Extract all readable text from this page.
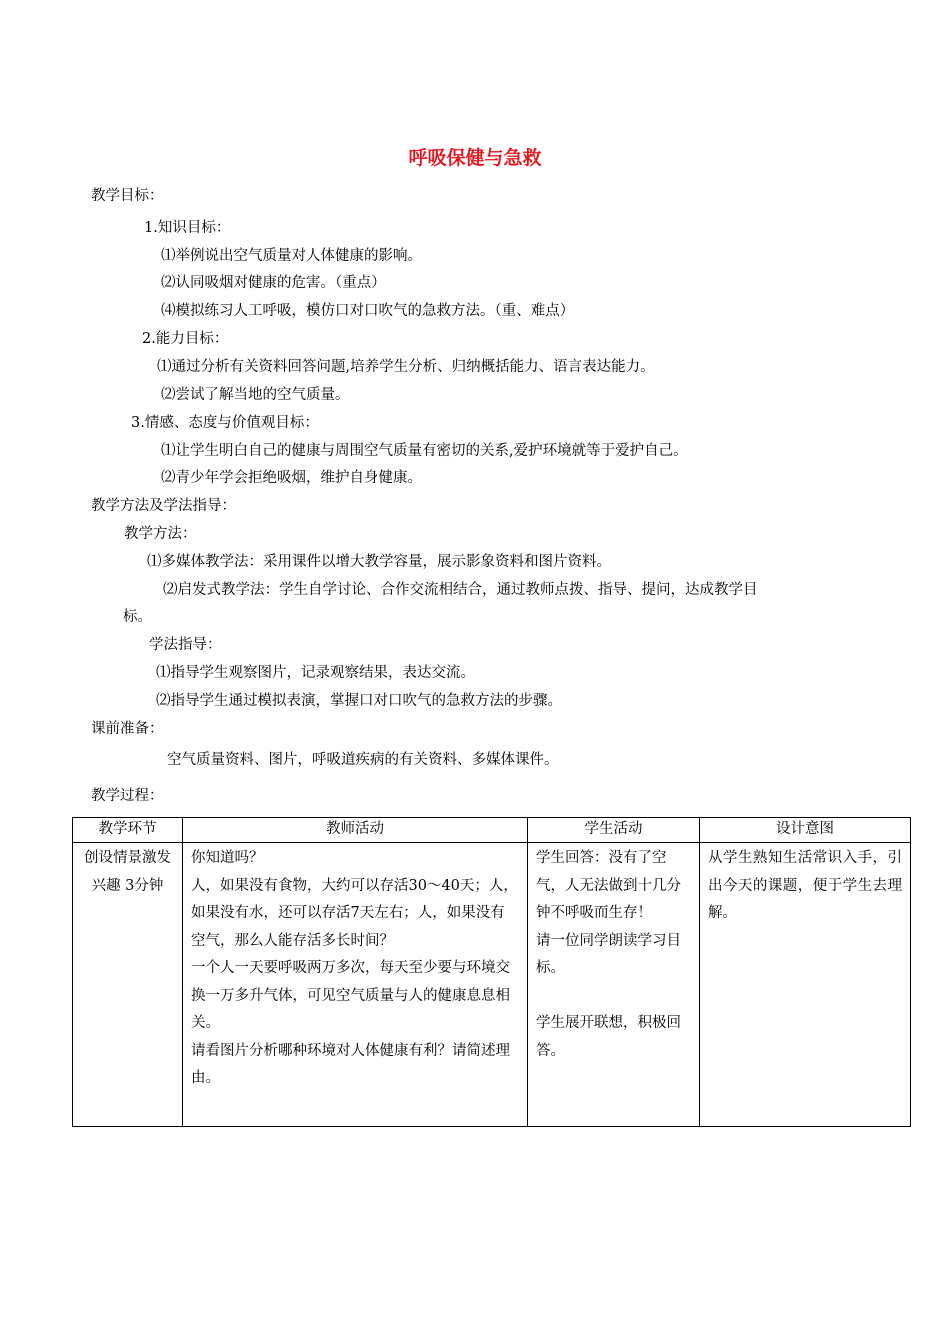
呼吸保健与急救
教学目标：
1.知识目标：
⑴举例说出空气质量对人体健康的影响。
⑵认同吸烟对健康的危害。（重点）
⑷模拟练习人工呼吸，模仿口对口吹气的急救方法。（重、难点）
2.能力目标：
⑴通过分析有关资料回答问题,培养学生分析、归纳概括能力、语言表达能力。
⑵尝试了解当地的空气质量。
3.情感、态度与价值观目标：
⑴让学生明白自己的健康与周围空气质量有密切的关系,爱护环境就等于爱护自己。
⑵青少年学会拒绝吸烟，维护自身健康。
教学方法及学法指导：
教学方法：
⑴多媒体教学法：采用课件以增大教学容量，展示影象资料和图片资料。
⑵启发式教学法：学生自学讨论、合作交流相结合，通过教师点拨、指导、提问，达成教学目
标。
学法指导：
⑴指导学生观察图片，记录观察结果，表达交流。
⑵指导学生通过模拟表演，掌握口对口吹气的急救方法的步骤。
课前准备：
空气质量资料、图片，呼吸道疾病的有关资料、多媒体课件。
教学过程：
教学环节	教师活动	学生活动	设计意图
创设情景激发兴趣 3分钟	你知道吗？
人，如果没有食物，大约可以存活30～40天；人，如果没有水，还可以存活7天左右；人，如果没有空气，那么人能存活多长时间？
一个人一天要呼吸两万多次，每天至少要与环境交换一万多升气体，可见空气质量与人的健康息息相关。
请看图片分析哪种环境对人体健康有利？请简述理由。	学生回答：没有了空气，人无法做到十几分钟不呼吸而生存！
请一位同学朗读学习目标。
学生展开联想，积极回答。	从学生熟知生活常识入手，引出今天的课题，便于学生去理解。
